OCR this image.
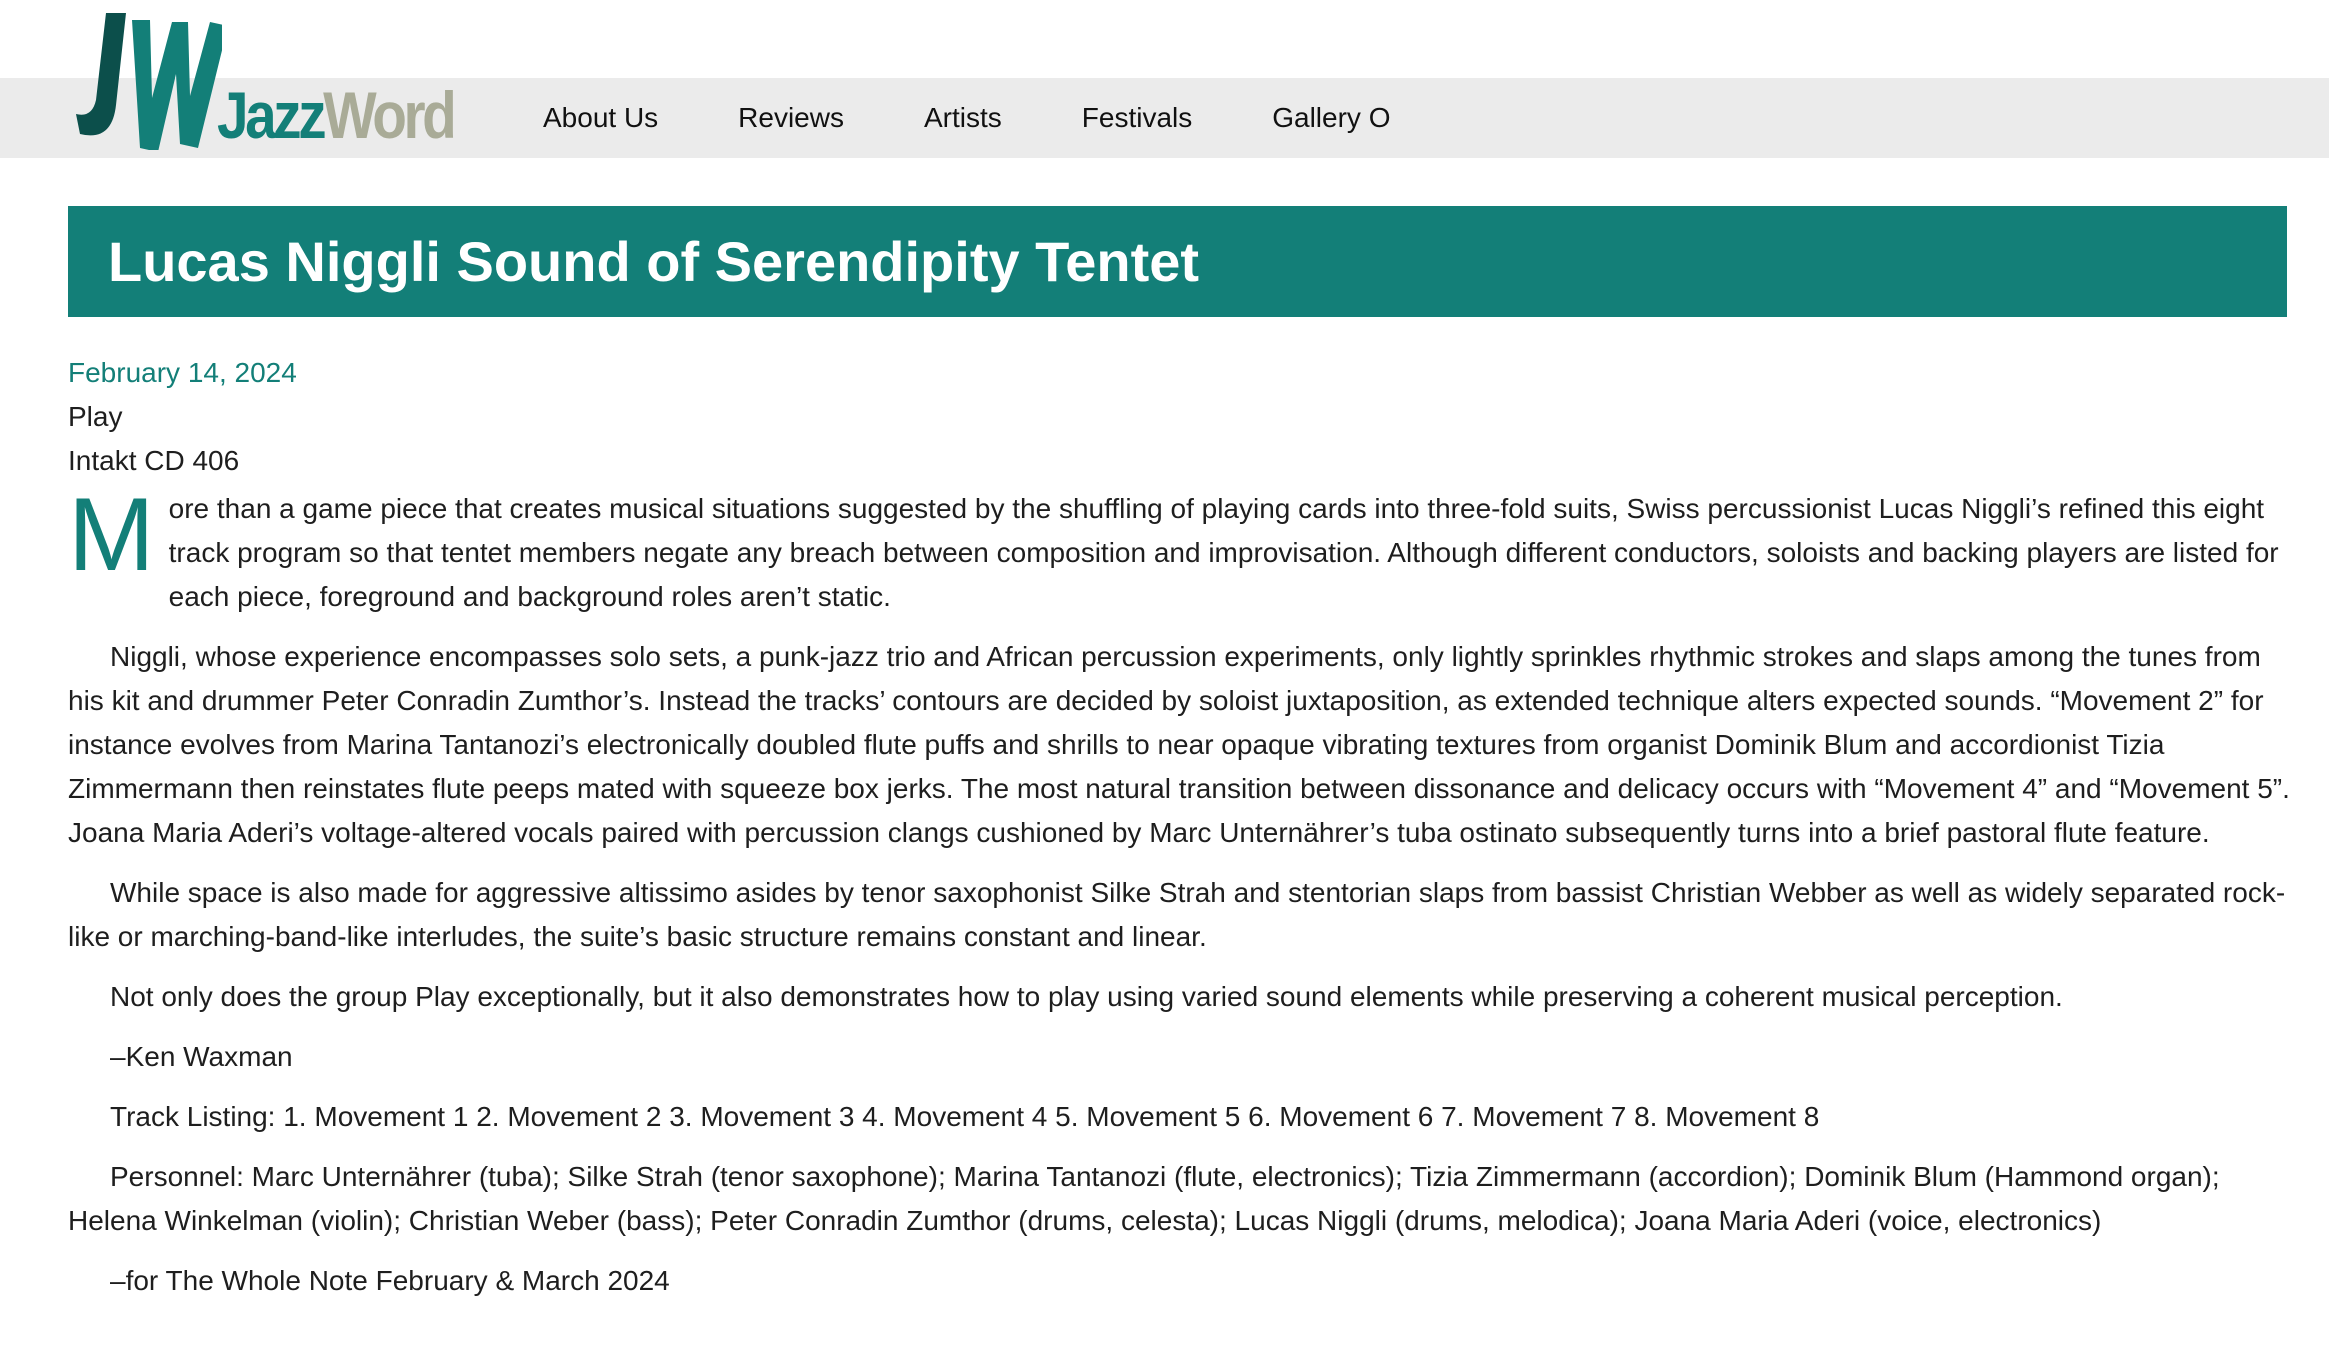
JazzWord	About Us	Reviews	Artists	Festivals	Gallery O
Lucas Niggli Sound of Serendipity Tentet

February 14, 2024

Play

Intakt CD 406

More than a game piece that creates musical situations suggested by the shuffling of playing cards into three-fold suits, Swiss percussionist Lucas Niggli’s refined this eight track program so that tentet members negate any breach between composition and improvisation. Although different conductors, soloists and backing players are listed for each piece, foreground and background roles aren’t static.

Niggli, whose experience encompasses solo sets, a punk-jazz trio and African percussion experiments, only lightly sprinkles rhythmic strokes and slaps among the tunes from his kit and drummer Peter Conradin Zumthor’s. Instead the tracks’ contours are decided by soloist juxtaposition, as extended technique alters expected sounds. “Movement 2” for instance evolves from Marina Tantanozi’s electronically doubled flute puffs and shrills to near opaque vibrating textures from organist Dominik Blum and accordionist Tizia Zimmermann then reinstates flute peeps mated with squeeze box jerks. The most natural transition between dissonance and delicacy occurs with “Movement 4” and “Movement 5”. Joana Maria Aderi’s voltage-altered vocals paired with percussion clangs cushioned by Marc Unternährer’s tuba ostinato subsequently turns into a brief pastoral flute feature.

While space is also made for aggressive altissimo asides by tenor saxophonist Silke Strah and stentorian slaps from bassist Christian Webber as well as widely separated rock-like or marching-band-like interludes, the suite’s basic structure remains constant and linear.

Not only does the group Play exceptionally, but it also demonstrates how to play using varied sound elements while preserving a coherent musical perception.

–Ken Waxman

Track Listing: 1. Movement 1 2. Movement 2 3. Movement 3 4. Movement 4 5. Movement 5 6. Movement 6 7. Movement 7 8. Movement 8

Personnel: Marc Unternährer (tuba); Silke Strah (tenor saxophone); Marina Tantanozi (flute, electronics); Tizia Zimmermann (accordion); Dominik Blum (Hammond organ); Helena Winkelman (violin); Christian Weber (bass); Peter Conradin Zumthor (drums, celesta); Lucas Niggli (drums, melodica); Joana Maria Aderi (voice, electronics)

–for The Whole Note February & March 2024
